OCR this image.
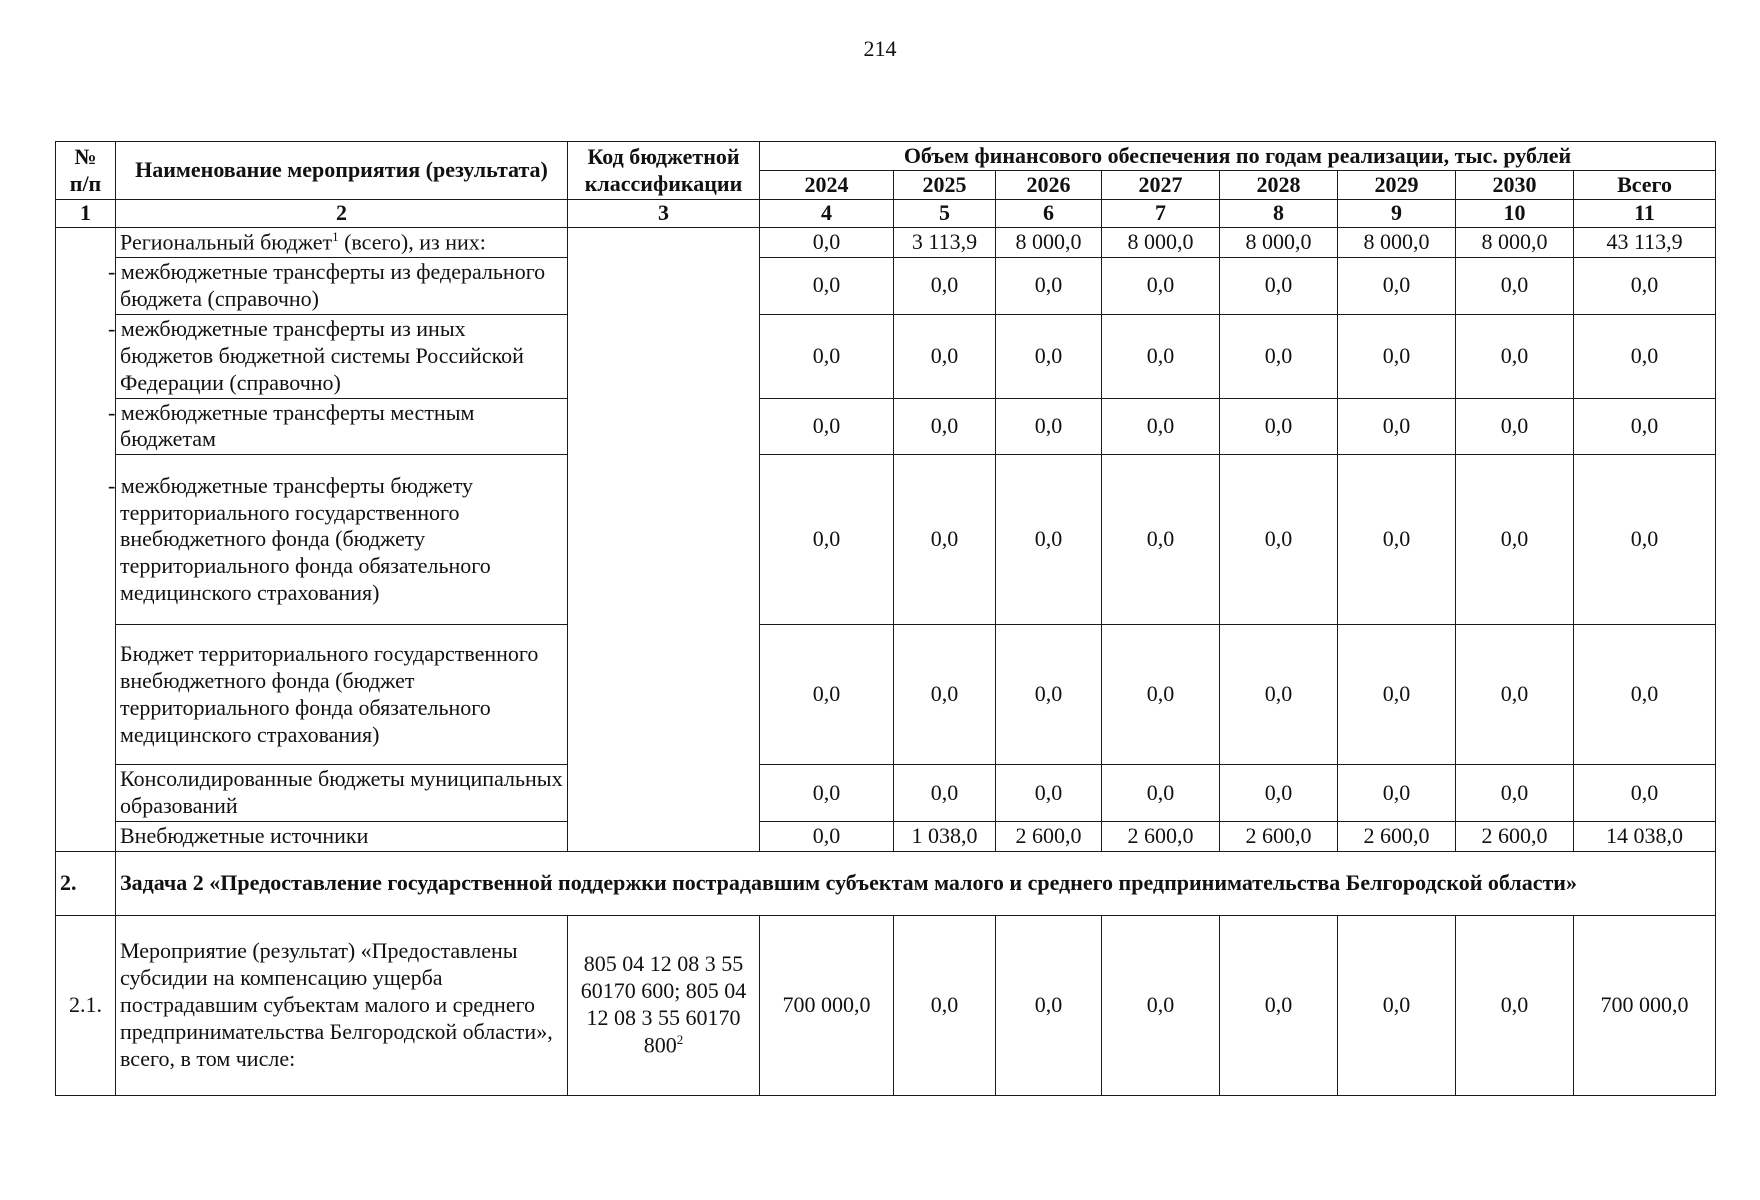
214
№
п/п	Наименование мероприятия (результата)	Код бюджетной классификации	Объем финансового обеспечения по годам реализации, тыс. рублей							
			2024	2025	2026	2027	2028	2029	2030	Всего
1	2	3	4	5	6	7	8	9	10	11
	Региональный бюджет$^1$ (всего), из них:		0,0	3 113,9	8 000,0	8 000,0	8 000,0	8 000,0	8 000,0	43 113,9
	- межбюджетные трансферты из федерального бюджета (справочно)		0,0	0,0	0,0	0,0	0,0	0,0	0,0	0,0
	- межбюджетные трансферты из иных бюджетов бюджетной системы Российской Федерации (справочно)		0,0	0,0	0,0	0,0	0,0	0,0	0,0	0,0
	- межбюджетные трансферты местным бюджетам		0,0	0,0	0,0	0,0	0,0	0,0	0,0	0,0
	- межбюджетные трансферты бюджету территориального государственного внебюджетного фонда (бюджету территориального фонда обязательного медицинского страхования)		0,0	0,0	0,0	0,0	0,0	0,0	0,0	0,0
	Бюджет территориального государственного внебюджетного фонда (бюджет территориального фонда обязательного медицинского страхования)		0,0	0,0	0,0	0,0	0,0	0,0	0,0	0,0
	Консолидированные бюджеты муниципальных образований		0,0	0,0	0,0	0,0	0,0	0,0	0,0	0,0
	Внебюджетные источники		0,0	1 038,0	2 600,0	2 600,0	2 600,0	2 600,0	2 600,0	14 038,0
2.	Задача 2 «Предоставление государственной поддержки пострадавшим субъектам малого и среднего предпринимательства Белгородской области»									
2.1.	Мероприятие (результат) «Предоставлены субсидии на компенсацию ущерба пострадавшим субъектам малого и среднего предпринимательства Белгородской области», всего, в том числе:	805 04 12 08 3 55 60170 600; 805 04 12 08 3 55 60170 $800^2$	700 000,0	0,0	0,0	0,0	0,0	0,0	0,0	700 000,0
